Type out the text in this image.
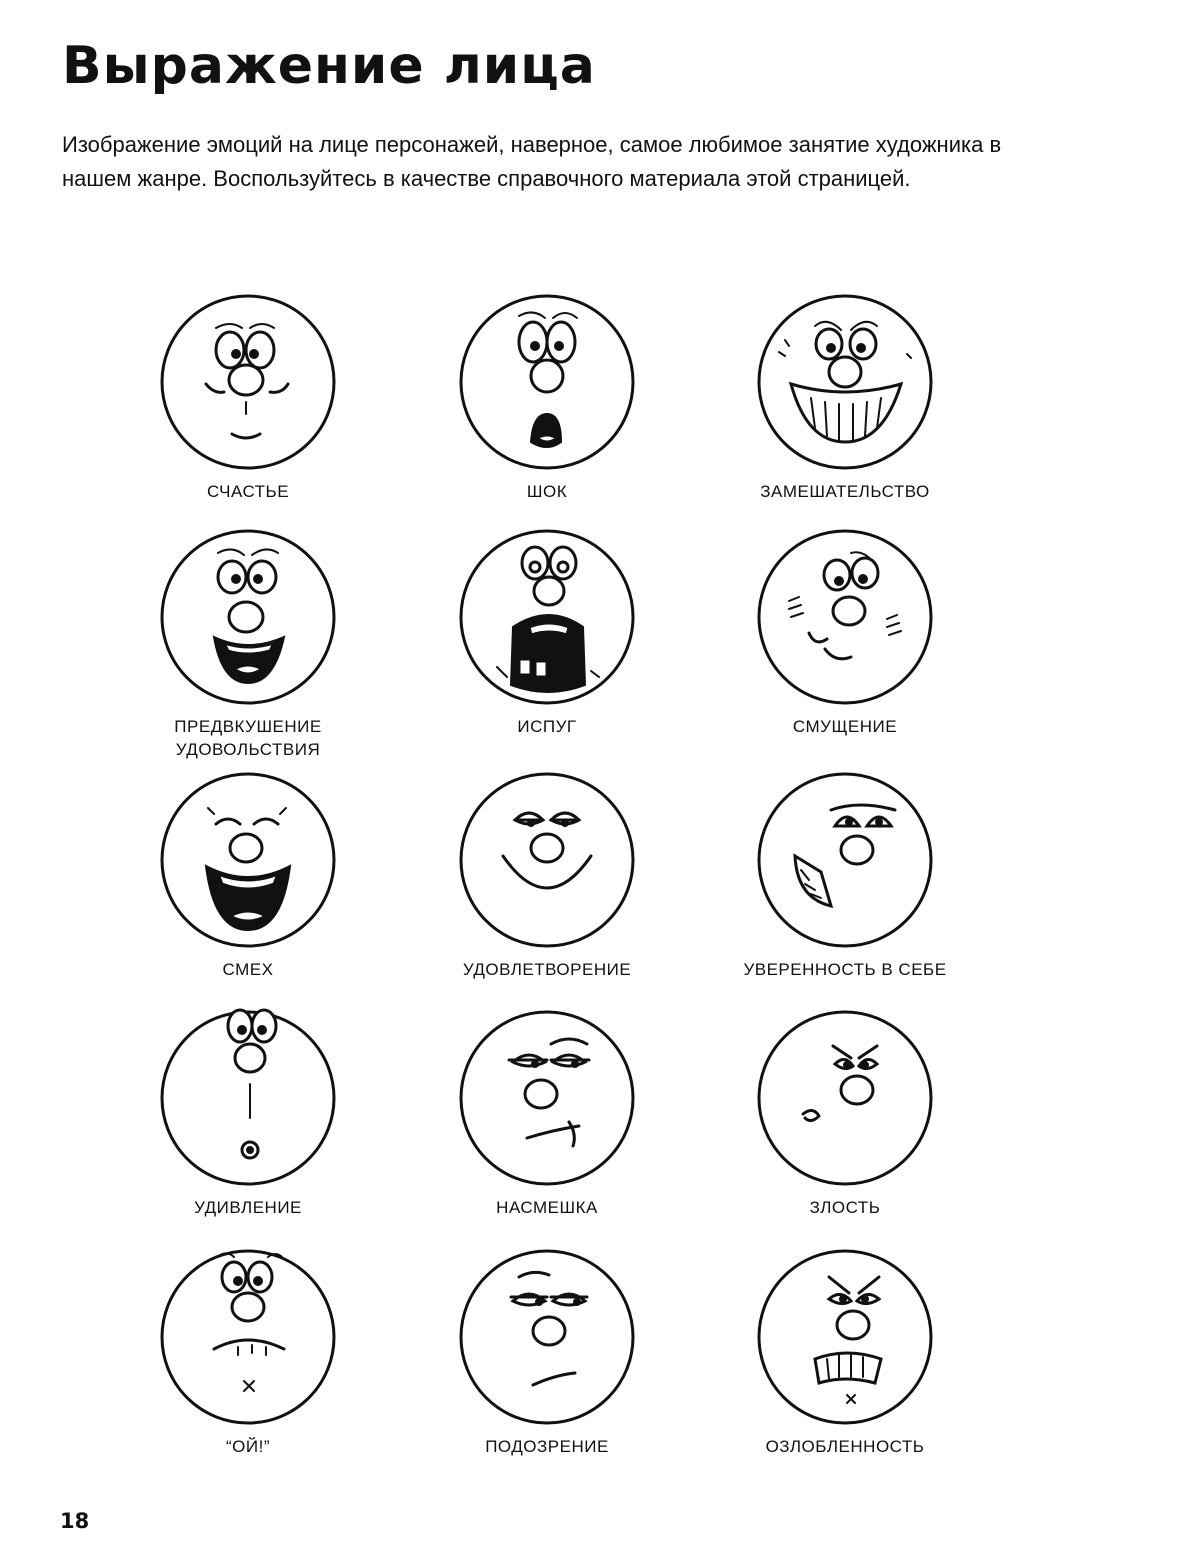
Выражение лица

Изображение эмоций на лице персонажей, наверное, самое любимое занятие художника в нашем жанре. Воспользуйтесь в качестве справочного материала этой страницей.

СЧАСТЬЕ	ШОК	ЗАМЕШАТЕЛЬСТВО
ПРЕДВКУШЕНИЕ
УДОВОЛЬСТВИЯ
ИСПУГ	СМУЩЕНИЕ
СМЕХ	УДОВЛЕТВОРЕНИЕ	УВЕРЕННОСТЬ В СЕБЕ
УДИВЛЕНИЕ	НАСМЕШКА	ЗЛОСТЬ
“ОЙ!”	ПОДОЗРЕНИЕ	ОЗЛОБЛЕННОСТЬ
18
